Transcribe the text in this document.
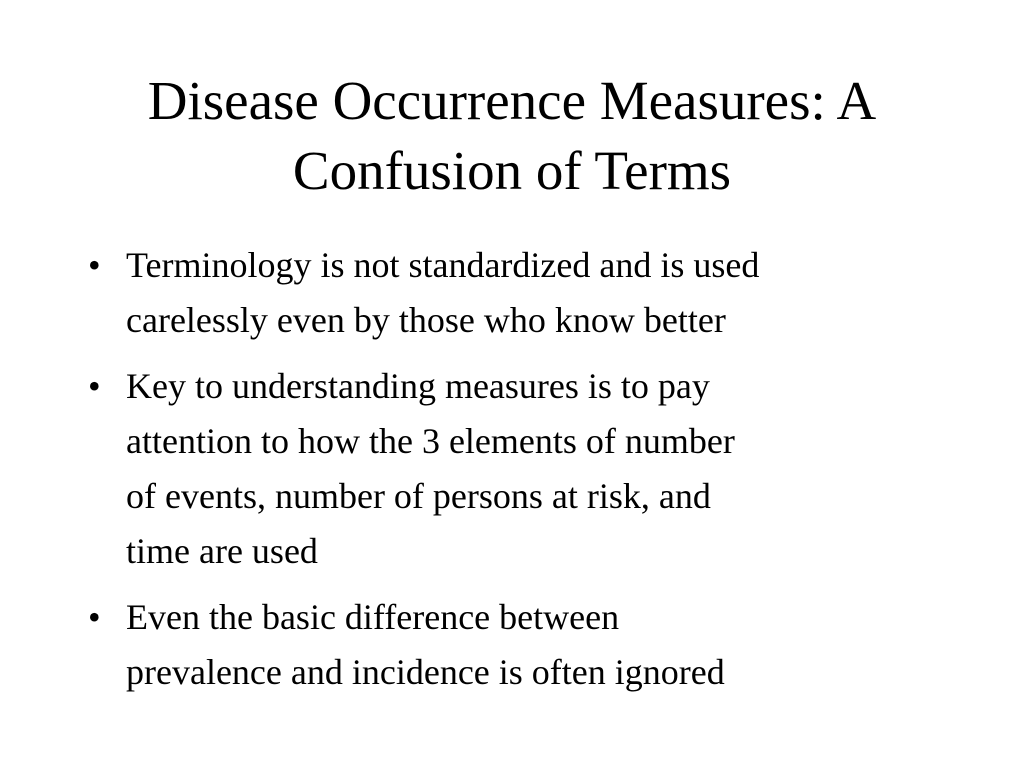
Disease Occurrence Measures: A
Confusion of Terms
• Terminology is not standardized and is used
carelessly even by those who know better
• Key to understanding measures is to pay
attention to how the 3 elements of number
of events, number of persons at risk, and
time are used
• Even the basic difference between
prevalence and incidence is often ignored
